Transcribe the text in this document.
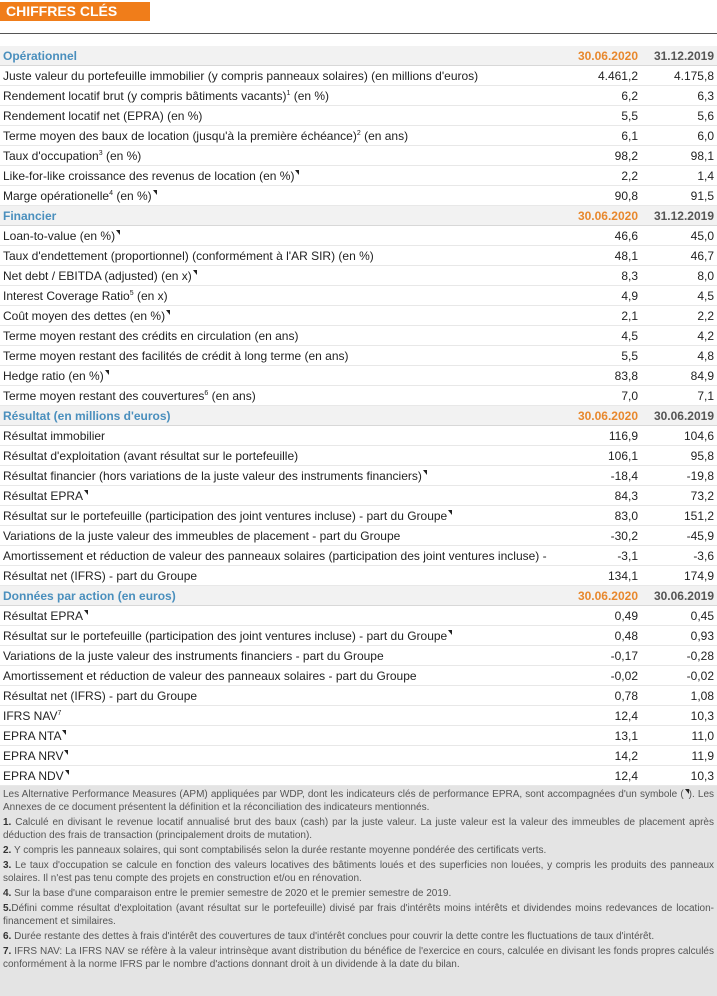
CHIFFRES CLÉS
Opérationnel	30.06.2020	31.12.2019
Juste valeur du portefeuille immobilier (y compris panneaux solaires) (en millions d'euros)	4.461,2	4.175,8
Rendement locatif brut (y compris bâtiments vacants)$^1$ (en %)	6,2	6,3
Rendement locatif net (EPRA) (en %)	5,5	5,6
Terme moyen des baux de location (jusqu'à la première échéance)$^2$ (en ans)	6,1	6,0
Taux d'occupation$^3$ (en %)	98,2	98,1
Like-for-like croissance des revenus de location (en %)	2,2	1,4
Marge opérationelle$^4$ (en %)	90,8	91,5
Financier	30.06.2020	31.12.2019
Loan-to-value (en %)	46,6	45,0
Taux d'endettement (proportionnel) (conformément à l'AR SIR) (en %)	48,1	46,7
Net debt / EBITDA (adjusted) (en x)	8,3	8,0
Interest Coverage Ratio$^5$ (en x)	4,9	4,5
Coût moyen des dettes (en %)	2,1	2,2
Terme moyen restant des crédits en circulation (en ans)	4,5	4,2
Terme moyen restant des facilités de crédit à long terme (en ans)	5,5	4,8
Hedge ratio (en %)	83,8	84,9
Terme moyen restant des couvertures$^6$ (en ans)	7,0	7,1
Résultat (en millions d'euros)	30.06.2020	30.06.2019
Résultat immobilier	116,9	104,6
Résultat d'exploitation (avant résultat sur le portefeuille)	106,1	95,8
Résultat financier (hors variations de la juste valeur des instruments financiers)	-18,4	-19,8
Résultat EPRA	84,3	73,2
Résultat sur le portefeuille (participation des joint ventures incluse) - part du Groupe	83,0	151,2
Variations de la juste valeur des immeubles de placement - part du Groupe	-30,2	-45,9
Amortissement et réduction de valeur des panneaux solaires (participation des joint ventures incluse) -	-3,1	-3,6
Résultat net (IFRS) - part du Groupe	134,1	174,9
Données par action (en euros)	30.06.2020	30.06.2019
Résultat EPRA	0,49	0,45
Résultat sur le portefeuille (participation des joint ventures incluse) - part du Groupe	0,48	0,93
Variations de la juste valeur des instruments financiers - part du Groupe	-0,17	-0,28
Amortissement et réduction de valeur des panneaux solaires - part du Groupe	-0,02	-0,02
Résultat net (IFRS) - part du Groupe	0,78	1,08
IFRS NAV$^7$	12,4	10,3
EPRA NTA	13,1	11,0
EPRA NRV	14,2	11,9
EPRA NDV	12,4	10,3

Les Alternative Performance Measures (APM) appliquées par WDP, dont les indicateurs clés de performance EPRA, sont accompagnées d'un symbole ( ). Les Annexes de ce document présentent la définition et la réconciliation des indicateurs mentionnés.

1. Calculé en divisant le revenue locatif annualisé brut des baux (cash) par la juste valeur. La juste valeur est la valeur des immeubles de placement après déduction des frais de transaction (principalement droits de mutation).

2. Y compris les panneaux solaires, qui sont comptabilisés selon la durée restante moyenne pondérée des certificats verts.

3. Le taux d'occupation se calcule en fonction des valeurs locatives des bâtiments loués et des superficies non louées, y compris les produits des panneaux solaires. Il n'est pas tenu compte des projets en construction et/ou en rénovation.

4. Sur la base d'une comparaison entre le premier semestre de 2020 et le premier semestre de 2019.

5.Défini comme résultat d'exploitation (avant résultat sur le portefeuille) divisé par frais d'intérêts moins intérêts et dividendes moins redevances de location-financement et similaires.

6. Durée restante des dettes à frais d'intérêt des couvertures de taux d'intérêt conclues pour couvrir la dette contre les fluctuations de taux d'intérêt.

7. IFRS NAV: La IFRS NAV se réfère à la valeur intrinsèque avant distribution du bénéfice de l'exercice en cours, calculée en divisant les fonds propres calculés conformément à la norme IFRS par le nombre d'actions donnant droit à un dividende à la date du bilan.
